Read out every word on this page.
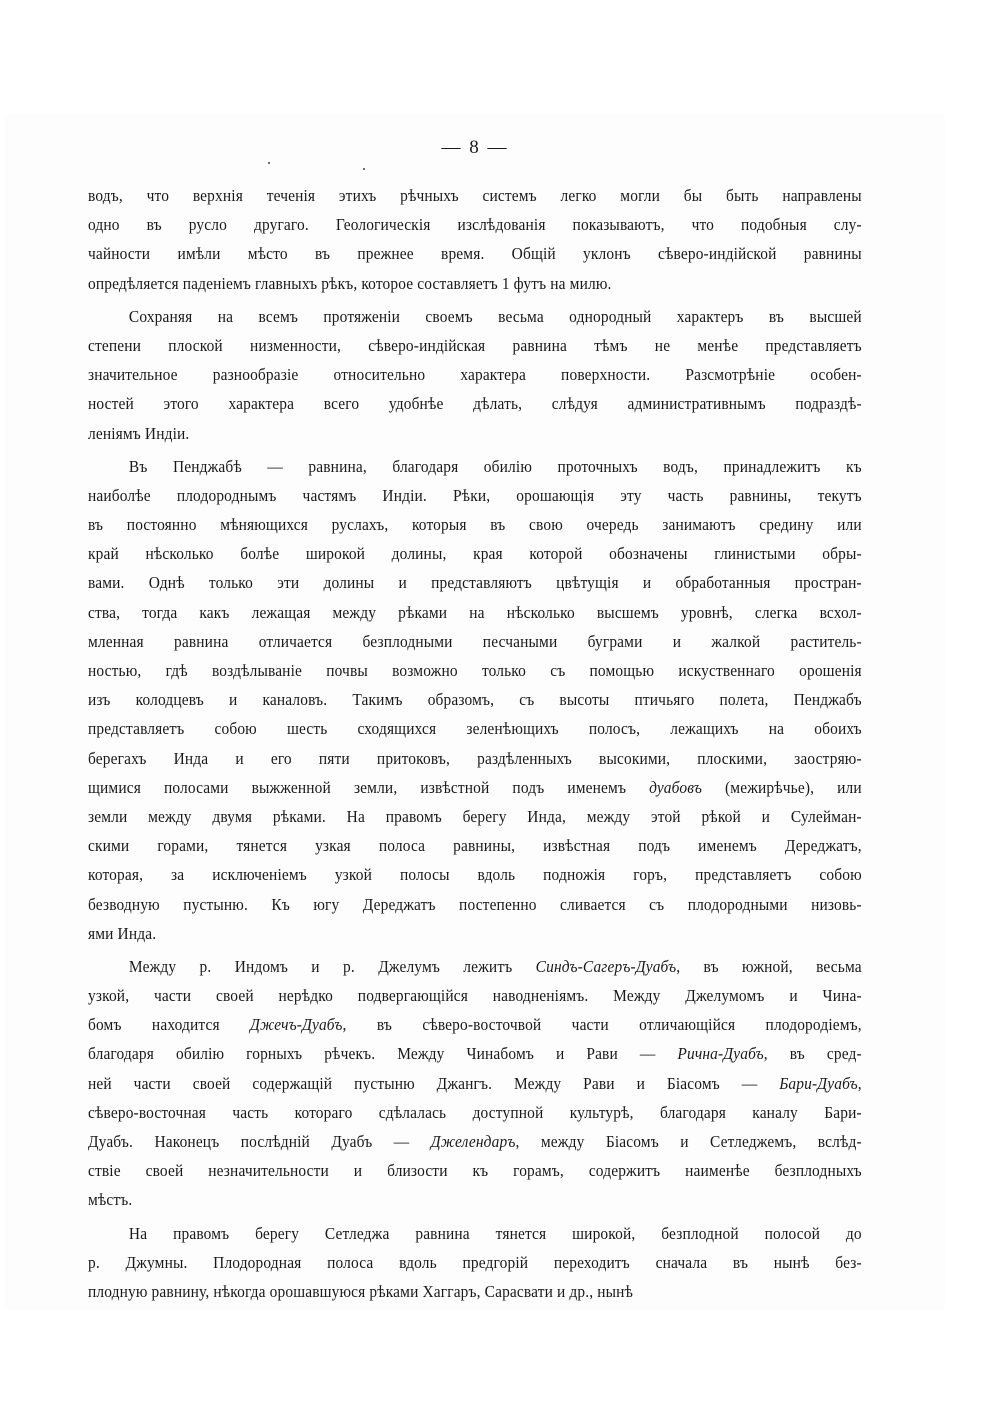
— 8 —
водъ, что верхнія теченія этихъ рѣчныхъ системъ легко могли бы быть направлены
одно въ русло другаго. Геологическія изслѣдованія показываютъ, что подобныя слу-
чайности имѣли мѣсто въ прежнее время. Общій уклонъ сѣверо-индійской равнины
опредѣляется паденіемъ главныхъ рѣкъ, которое составляетъ 1 футъ на милю.
Сохраняя на всемъ протяженіи своемъ весьма однородный характеръ въ высшей
степени плоской низменности, сѣверо-индійская равнина тѣмъ не менѣе представляетъ
значительное разнообразіе относительно характера поверхности. Разсмотрѣніе особен-
ностей этого характера всего удобнѣе дѣлать, слѣдуя административнымъ подраздѣ-
леніямъ Индіи.
Въ Пенджабѣ — равнина, благодаря обилію проточныхъ водъ, принадлежитъ къ
наиболѣе плодороднымъ частямъ Индіи. Рѣки, орошающія эту часть равнины, текутъ
въ постоянно мѣняющихся руслахъ, которыя въ свою очередь занимаютъ средину или
край нѣсколько болѣе широкой долины, края которой обозначены глинистыми обры-
вами. Однѣ только эти долины и представляютъ цвѣтущія и обработанныя простран-
ства, тогда какъ лежащая между рѣками на нѣсколько высшемъ уровнѣ, слегка всхол-
мленная равнина отличается безплодными песчаными буграми и жалкой раститель-
ностью, гдѣ воздѣлываніе почвы возможно только съ помощью искуственнаго орошенія
изъ колодцевъ и каналовъ. Такимъ образомъ, съ высоты птичьяго полета, Пенджабъ
представляетъ собою шесть сходящихся зеленѣющихъ полосъ, лежащихъ на обоихъ
берегахъ Инда и его пяти притоковъ, раздѣленныхъ высокими, плоскими, заостряю-
щимися полосами выжженной земли, извѣстной подъ именемъ дуабовъ (межирѣчье), или
земли между двумя рѣками. На правомъ берегу Инда, между этой рѣкой и Сулейман-
скими горами, тянется узкая полоса равнины, извѣстная подъ именемъ Дереджатъ,
которая, за исключеніемъ узкой полосы вдоль подножія горъ, представляетъ собою
безводную пустыню. Къ югу Дереджатъ постепенно сливается съ плодородными низовь-
ями Инда.
Между р. Индомъ и р. Джелумъ лежитъ Синдъ-Сагеръ-Дуабъ, въ южной, весьма
узкой, части своей нерѣдко подвергающійся наводненіямъ. Между Джелумомъ и Чина-
бомъ находится Джечъ-Дуабъ, въ сѣверо-восточвой части отличающійся плодородіемъ,
благодаря обилію горныхъ рѣчекъ. Между Чинабомъ и Рави — Рична-Дуабъ, въ сред-
ней части своей содержащій пустыню Джангъ. Между Рави и Біасомъ — Бари-Дуабъ,
сѣверо-восточная часть котораго сдѣлалась доступной культурѣ, благодаря каналу Бари-
Дуабъ. Наконецъ послѣдній Дуабъ — Джелендаръ, между Біасомъ и Сетледжемъ, вслѣд-
ствіе своей незначительности и близости къ горамъ, содержитъ наименѣе безплодныхъ
мѣстъ.
На правомъ берегу Сетледжа равнина тянется широкой, безплодной полосой до
р. Джумны. Плодородная полоса вдоль предгорій переходитъ сначала въ нынѣ без-
плодную равнину, нѣкогда орошавшуюся рѣками Хаггаръ, Сарасвати и др., нынѣ
